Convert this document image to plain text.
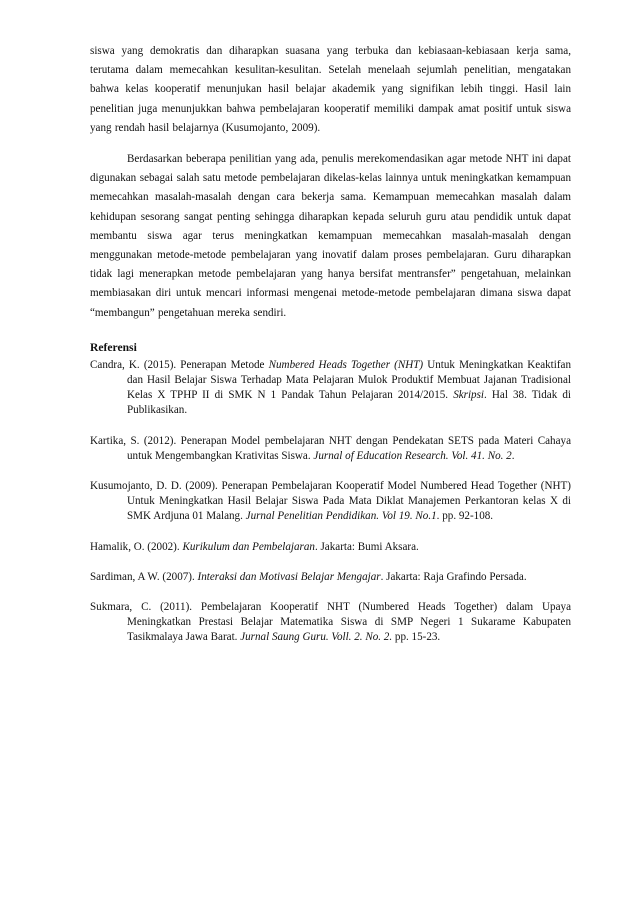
siswa yang demokratis dan diharapkan suasana yang terbuka dan kebiasaan-kebiasaan kerja sama, terutama dalam memecahkan kesulitan-kesulitan. Setelah menelaah sejumlah penelitian, mengatakan bahwa kelas kooperatif menunjukan hasil belajar akademik yang signifikan lebih tinggi. Hasil lain penelitian juga menunjukkan bahwa pembelajaran kooperatif memiliki dampak amat positif untuk siswa yang rendah hasil belajarnya (Kusumojanto, 2009).

Berdasarkan beberapa penilitian yang ada, penulis merekomendasikan agar metode NHT ini dapat digunakan sebagai salah satu metode pembelajaran dikelas-kelas lainnya untuk meningkatkan kemampuan memecahkan masalah-masalah dengan cara bekerja sama. Kemampuan memecahkan masalah dalam kehidupan sesorang sangat penting sehingga diharapkan kepada seluruh guru atau pendidik untuk dapat membantu siswa agar terus meningkatkan kemampuan memecahkan masalah-masalah dengan menggunakan metode-metode pembelajaran yang inovatif dalam proses pembelajaran. Guru diharapkan tidak lagi menerapkan metode pembelajaran yang hanya bersifat mentransfer” pengetahuan, melainkan membiasakan diri untuk mencari informasi mengenai metode-metode pembelajaran dimana siswa dapat “membangun” pengetahuan mereka sendiri.

Referensi

Candra, K. (2015). Penerapan Metode Numbered Heads Together (NHT) Untuk Meningkatkan Keaktifan dan Hasil Belajar Siswa Terhadap Mata Pelajaran Mulok Produktif Membuat Jajanan Tradisional Kelas X TPHP II di SMK N 1 Pandak Tahun Pelajaran 2014/2015. Skripsi. Hal 38. Tidak di Publikasikan.

Kartika, S. (2012). Penerapan Model pembelajaran NHT dengan Pendekatan SETS pada Materi Cahaya untuk Mengembangkan Krativitas Siswa. Jurnal of Education Research. Vol. 41. No. 2.

Kusumojanto, D. D. (2009). Penerapan Pembelajaran Kooperatif Model Numbered Head Together (NHT) Untuk Meningkatkan Hasil Belajar Siswa Pada Mata Diklat Manajemen Perkantoran kelas X di SMK Ardjuna 01 Malang. Jurnal Penelitian Pendidikan. Vol 19. No.1. pp. 92-108.

Hamalik, O. (2002). Kurikulum dan Pembelajaran. Jakarta: Bumi Aksara.

Sardiman, A W. (2007). Interaksi dan Motivasi Belajar Mengajar. Jakarta: Raja Grafindo Persada.

Sukmara, C. (2011). Pembelajaran Kooperatif NHT (Numbered Heads Together) dalam Upaya Meningkatkan Prestasi Belajar Matematika Siswa di SMP Negeri 1 Sukarame Kabupaten Tasikmalaya Jawa Barat. Jurnal Saung Guru. Voll. 2. No. 2. pp. 15-23.
